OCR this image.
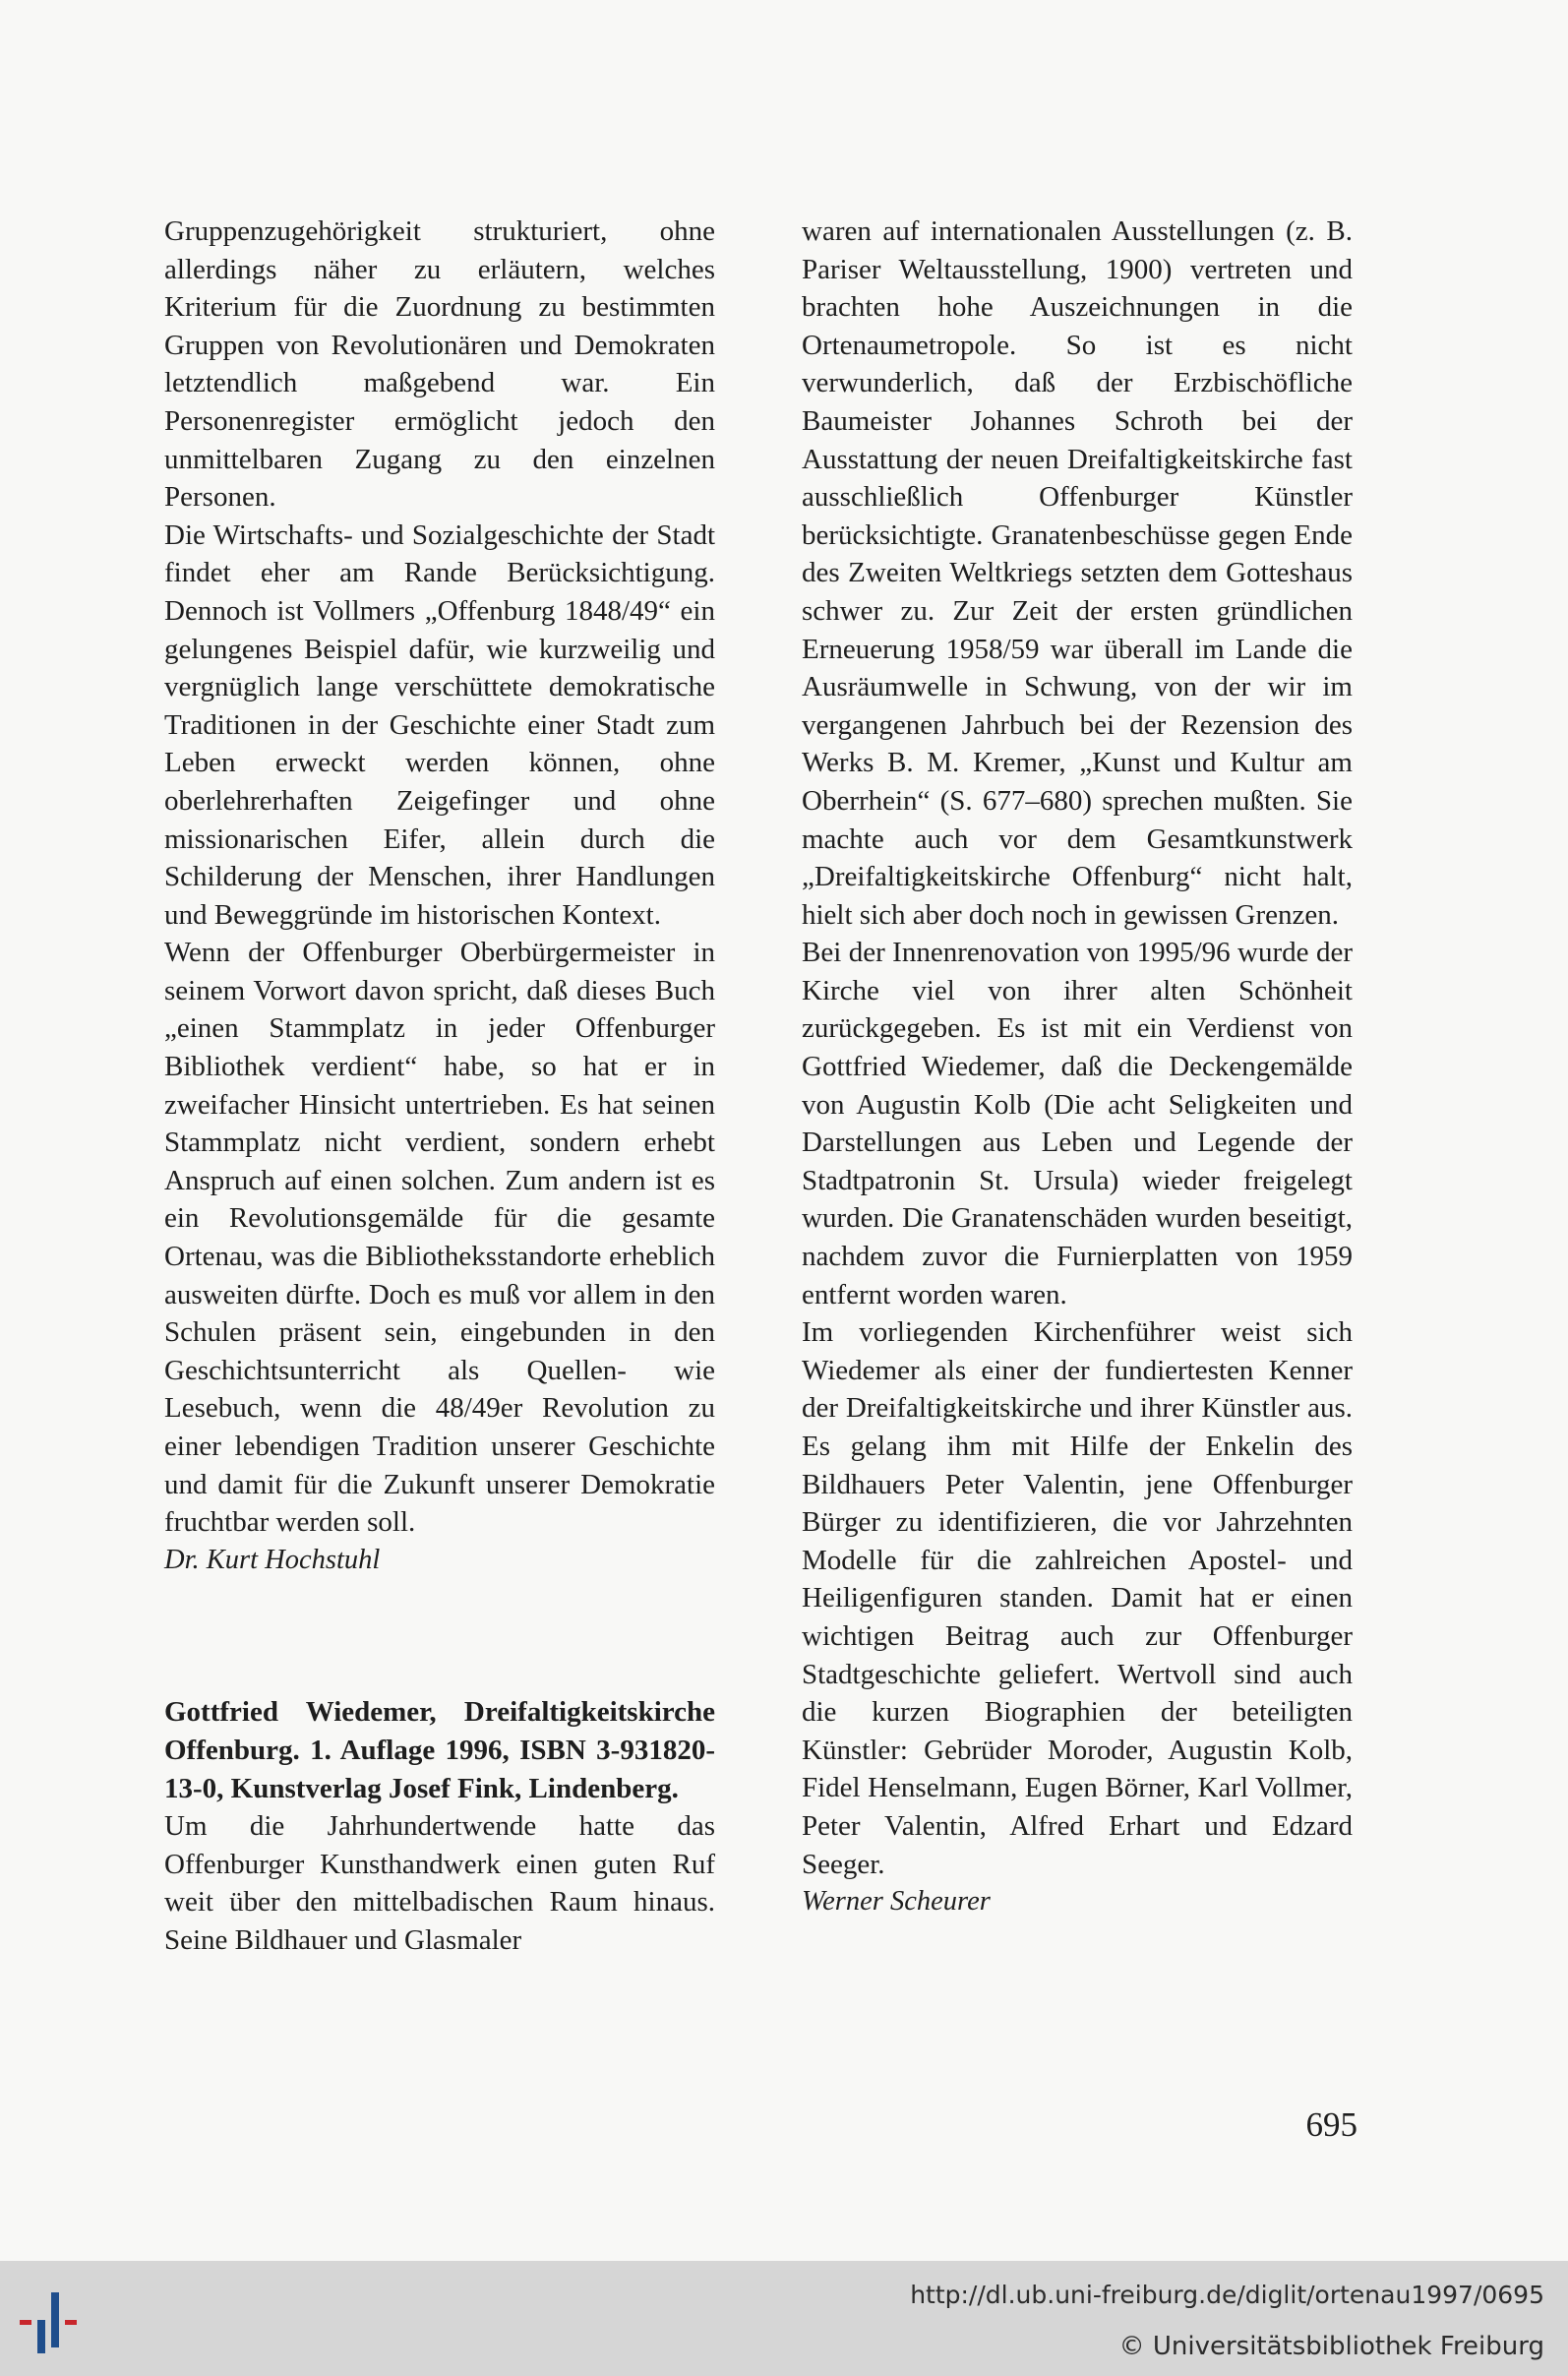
Gruppenzugehörigkeit strukturiert, ohne allerdings näher zu erläutern, welches Kriterium für die Zuordnung zu bestimmten Gruppen von Revolutionären und Demokraten letztendlich maßgebend war. Ein Personenregister ermöglicht jedoch den unmittelbaren Zugang zu den einzelnen Personen.

Die Wirtschafts- und Sozialgeschichte der Stadt findet eher am Rande Berücksichtigung. Dennoch ist Vollmers „Offenburg 1848/49“ ein gelungenes Beispiel dafür, wie kurzweilig und vergnüglich lange verschüttete demokratische Traditionen in der Geschichte einer Stadt zum Leben erweckt werden können, ohne oberlehrerhaften Zeigefinger und ohne missionarischen Eifer, allein durch die Schilderung der Menschen, ihrer Handlungen und Beweggründe im historischen Kontext.

Wenn der Offenburger Oberbürgermeister in seinem Vorwort davon spricht, daß dieses Buch „einen Stammplatz in jeder Offenburger Bibliothek verdient“ habe, so hat er in zweifacher Hinsicht untertrieben. Es hat seinen Stammplatz nicht verdient, sondern erhebt Anspruch auf einen solchen. Zum andern ist es ein Revolutionsgemälde für die gesamte Ortenau, was die Bibliotheksstandorte erheblich ausweiten dürfte. Doch es muß vor allem in den Schulen präsent sein, eingebunden in den Geschichtsunterricht als Quellen- wie Lesebuch, wenn die 48/49er Revolution zu einer lebendigen Tradition unserer Geschichte und damit für die Zukunft unserer Demokratie fruchtbar werden soll.

Dr. Kurt Hochstuhl

Gottfried Wiedemer, Dreifaltigkeitskirche Offenburg. 1. Auflage 1996, ISBN 3-931820-13-0, Kunstverlag Josef Fink, Lindenberg.

Um die Jahrhundertwende hatte das Offenburger Kunsthandwerk einen guten Ruf weit über den mittelbadischen Raum hinaus. Seine Bildhauer und Glasmaler

waren auf internationalen Ausstellungen (z. B. Pariser Weltausstellung, 1900) vertreten und brachten hohe Auszeichnungen in die Ortenaumetropole. So ist es nicht verwunderlich, daß der Erzbischöfliche Baumeister Johannes Schroth bei der Ausstattung der neuen Dreifaltigkeitskirche fast ausschließlich Offenburger Künstler berücksichtigte. Granatenbeschüsse gegen Ende des Zweiten Weltkriegs setzten dem Gotteshaus schwer zu. Zur Zeit der ersten gründlichen Erneuerung 1958/59 war überall im Lande die Ausräumwelle in Schwung, von der wir im vergangenen Jahrbuch bei der Rezension des Werks B. M. Kremer, „Kunst und Kultur am Oberrhein“ (S. 677–680) sprechen mußten. Sie machte auch vor dem Gesamtkunstwerk „Dreifaltigkeitskirche Offenburg“ nicht halt, hielt sich aber doch noch in gewissen Grenzen.

Bei der Innenrenovation von 1995/96 wurde der Kirche viel von ihrer alten Schönheit zurückgegeben. Es ist mit ein Verdienst von Gottfried Wiedemer, daß die Deckengemälde von Augustin Kolb (Die acht Seligkeiten und Darstellungen aus Leben und Legende der Stadtpatronin St. Ursula) wieder freigelegt wurden. Die Granatenschäden wurden beseitigt, nachdem zuvor die Furnierplatten von 1959 entfernt worden waren.

Im vorliegenden Kirchenführer weist sich Wiedemer als einer der fundiertesten Kenner der Dreifaltigkeitskirche und ihrer Künstler aus. Es gelang ihm mit Hilfe der Enkelin des Bildhauers Peter Valentin, jene Offenburger Bürger zu identifizieren, die vor Jahrzehnten Modelle für die zahlreichen Apostel- und Heiligenfiguren standen. Damit hat er einen wichtigen Beitrag auch zur Offenburger Stadtgeschichte geliefert. Wertvoll sind auch die kurzen Biographien der beteiligten Künstler: Gebrüder Moroder, Augustin Kolb, Fidel Henselmann, Eugen Börner, Karl Vollmer, Peter Valentin, Alfred Erhart und Edzard Seeger.

Werner Scheurer

695
http://dl.ub.uni-freiburg.de/diglit/ortenau1997/0695
© Universitätsbibliothek Freiburg
